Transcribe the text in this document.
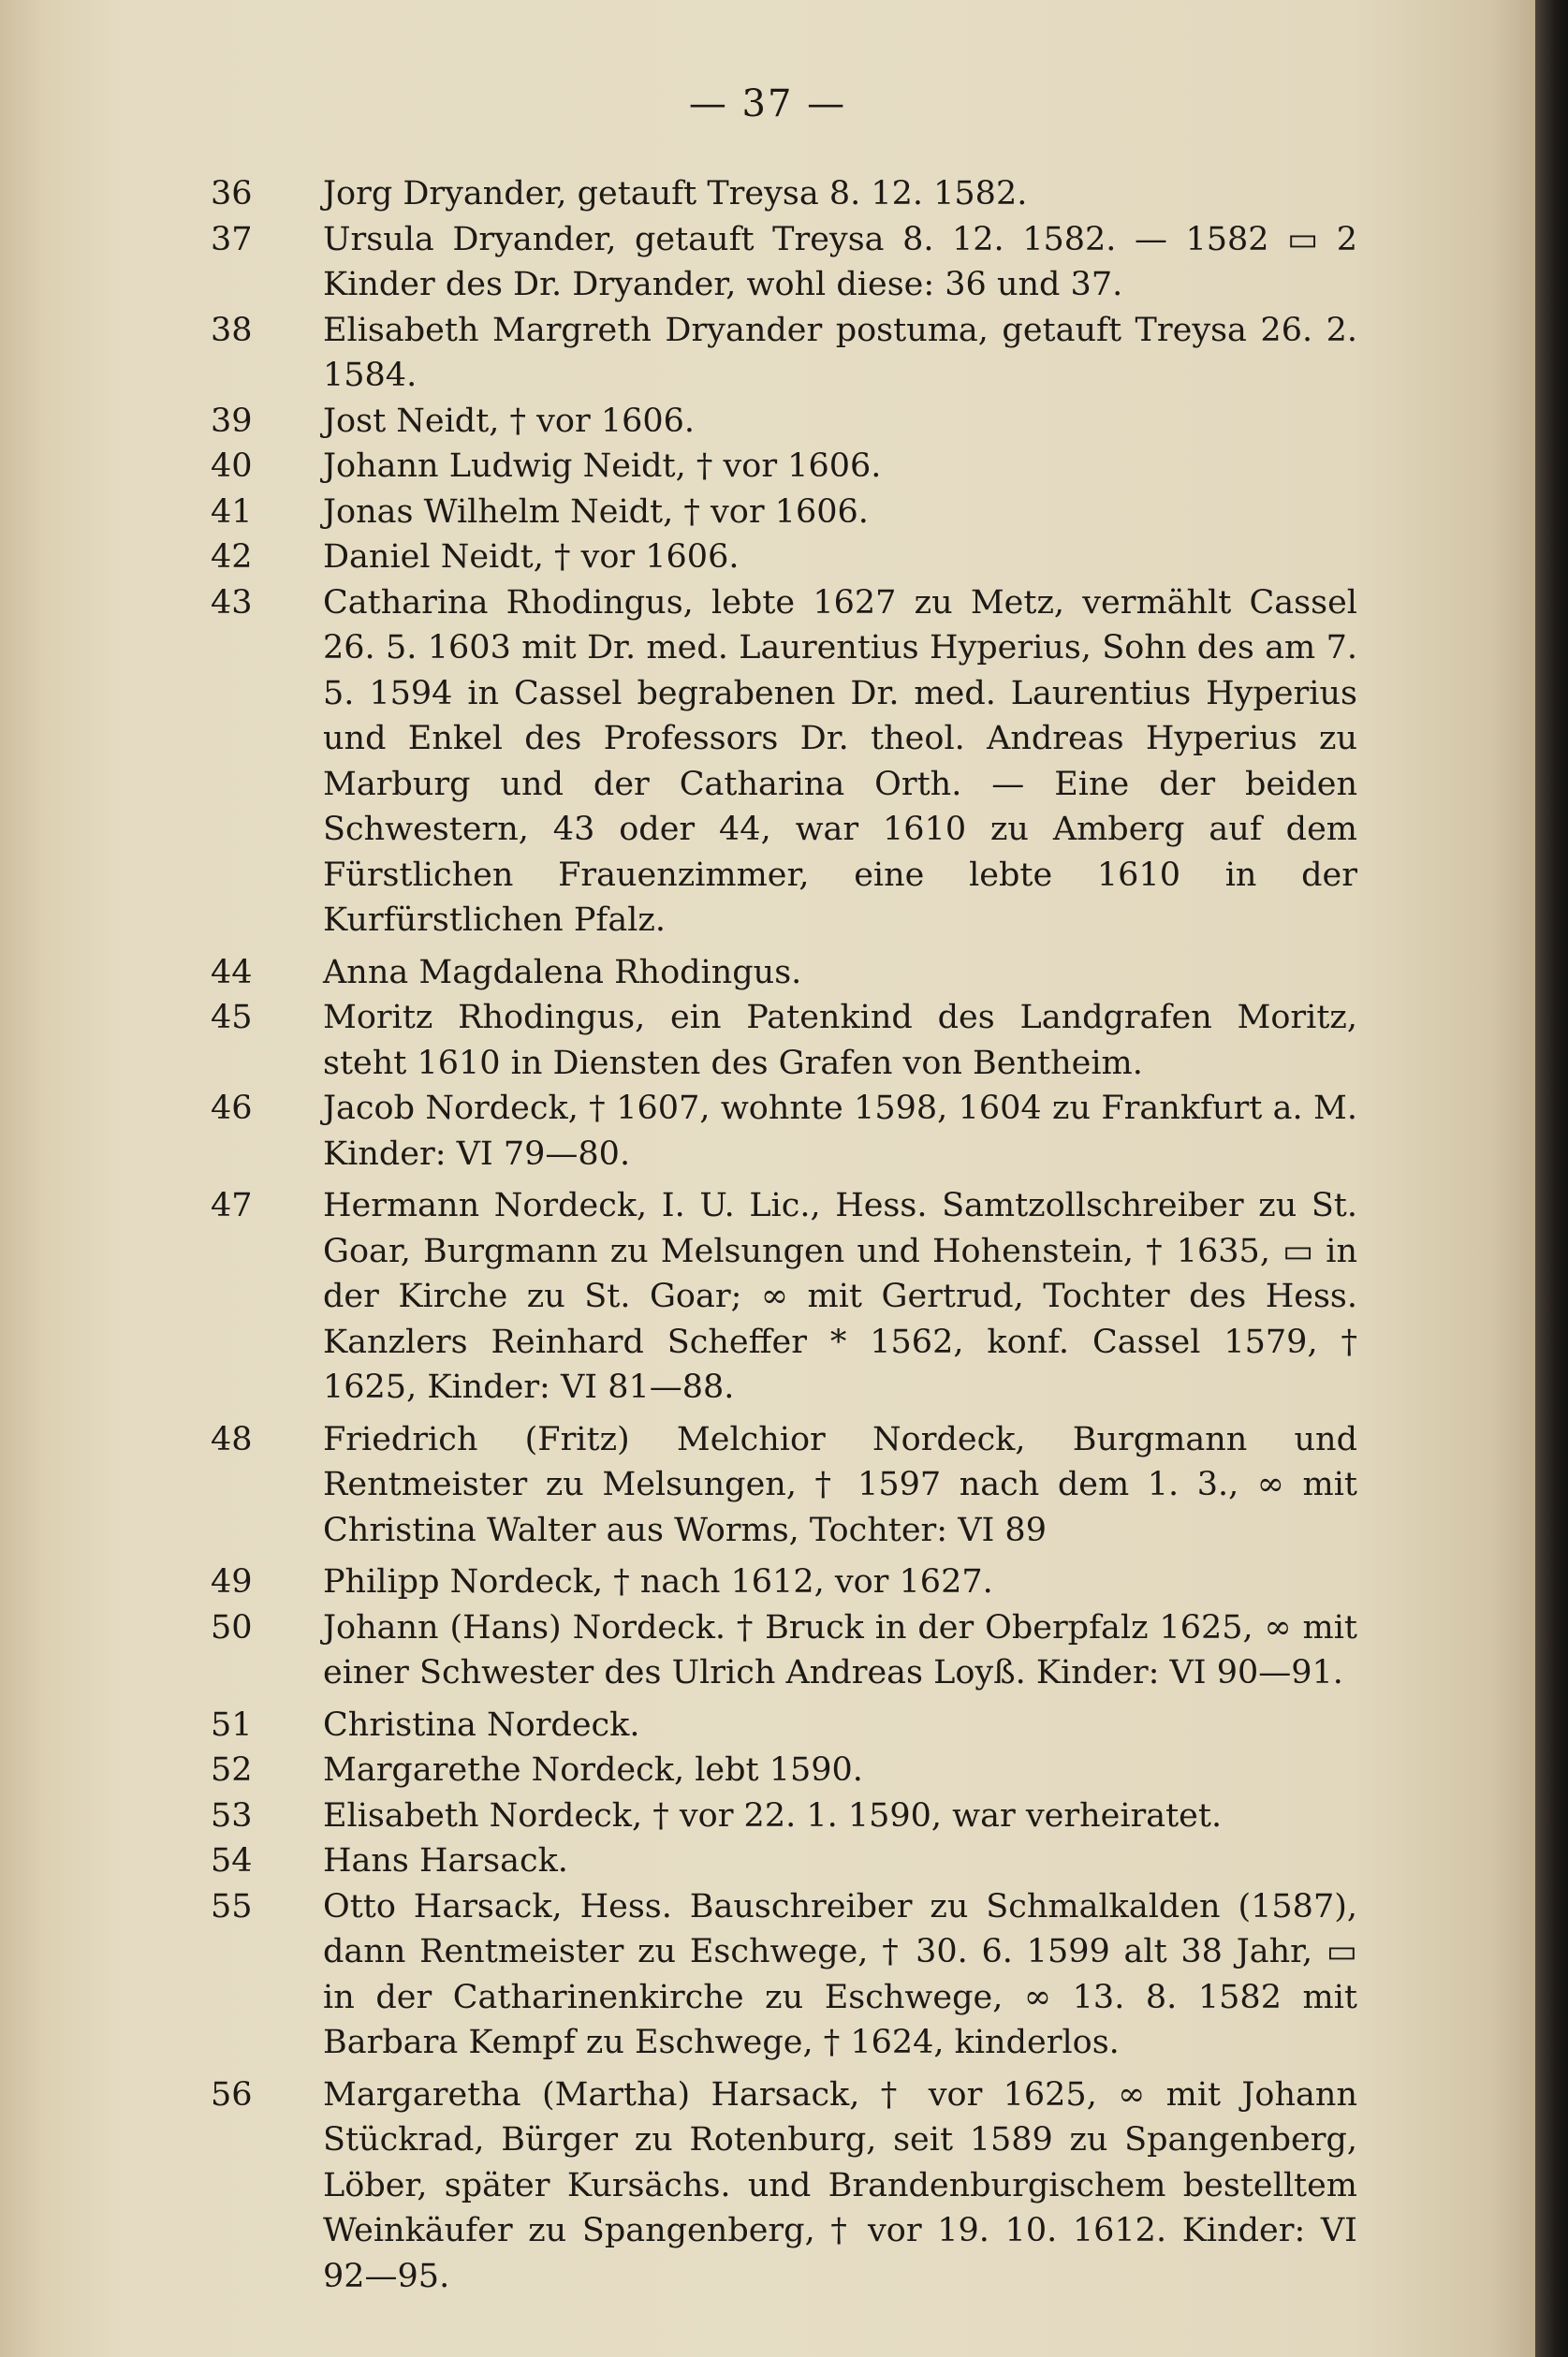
— 37 —
36	Jorg Dryander, getauft Treysa 8. 12. 1582.
37	Ursula Dryander, getauft Treysa 8. 12. 1582. — 1582 ▭ 2 Kinder des Dr. Dryander, wohl diese: 36 und 37.
38	Elisabeth Margreth Dryander postuma, getauft Treysa 26. 2. 1584.
39	Jost Neidt, † vor 1606.
40	Johann Ludwig Neidt, † vor 1606.
41	Jonas Wilhelm Neidt, † vor 1606.
42	Daniel Neidt, † vor 1606.
43	Catharina Rhodingus, lebte 1627 zu Metz, vermählt Cassel 26. 5. 1603 mit Dr. med. Laurentius Hyperius, Sohn des am 7. 5. 1594 in Cassel begrabenen Dr. med. Laurentius Hyperius und Enkel des Professors Dr. theol. Andreas Hyperius zu Marburg und der Catharina Orth. — Eine der beiden Schwestern, 43 oder 44, war 1610 zu Amberg auf dem Fürstlichen Frauenzimmer, eine lebte 1610 in der Kurfürstlichen Pfalz.
44	Anna Magdalena Rhodingus.
45	Moritz Rhodingus, ein Patenkind des Landgrafen Moritz, steht 1610 in Diensten des Grafen von Bentheim.
46	Jacob Nordeck, † 1607, wohnte 1598, 1604 zu Frankfurt a. M. Kinder: VI 79—80.
47	Hermann Nordeck, I. U. Lic., Hess. Samtzollschreiber zu St. Goar, Burgmann zu Melsungen und Hohenstein, † 1635, ▭ in der Kirche zu St. Goar; ∞ mit Gertrud, Tochter des Hess. Kanzlers Reinhard Scheffer * 1562, konf. Cassel 1579, † 1625, Kinder: VI 81—88.
48	Friedrich (Fritz) Melchior Nordeck, Burgmann und Rentmeister zu Melsungen, † 1597 nach dem 1. 3., ∞ mit Christina Walter aus Worms, Tochter: VI 89
49	Philipp Nordeck, † nach 1612, vor 1627.
50	Johann (Hans) Nordeck. † Bruck in der Oberpfalz 1625, ∞ mit einer Schwester des Ulrich Andreas Loyß. Kinder: VI 90—91.
51	Christina Nordeck.
52	Margarethe Nordeck, lebt 1590.
53	Elisabeth Nordeck, † vor 22. 1. 1590, war verheiratet.
54	Hans Harsack.
55	Otto Harsack, Hess. Bauschreiber zu Schmalkalden (1587), dann Rentmeister zu Eschwege, † 30. 6. 1599 alt 38 Jahr, ▭ in der Catharinenkirche zu Eschwege, ∞ 13. 8. 1582 mit Barbara Kempf zu Eschwege, † 1624, kinderlos.
56	Margaretha (Martha) Harsack, † vor 1625, ∞ mit Johann Stückrad, Bürger zu Rotenburg, seit 1589 zu Spangenberg, Löber, später Kursächs. und Brandenburgischem bestelltem Weinkäufer zu Spangenberg, † vor 19. 10. 1612. Kinder: VI 92—95.
